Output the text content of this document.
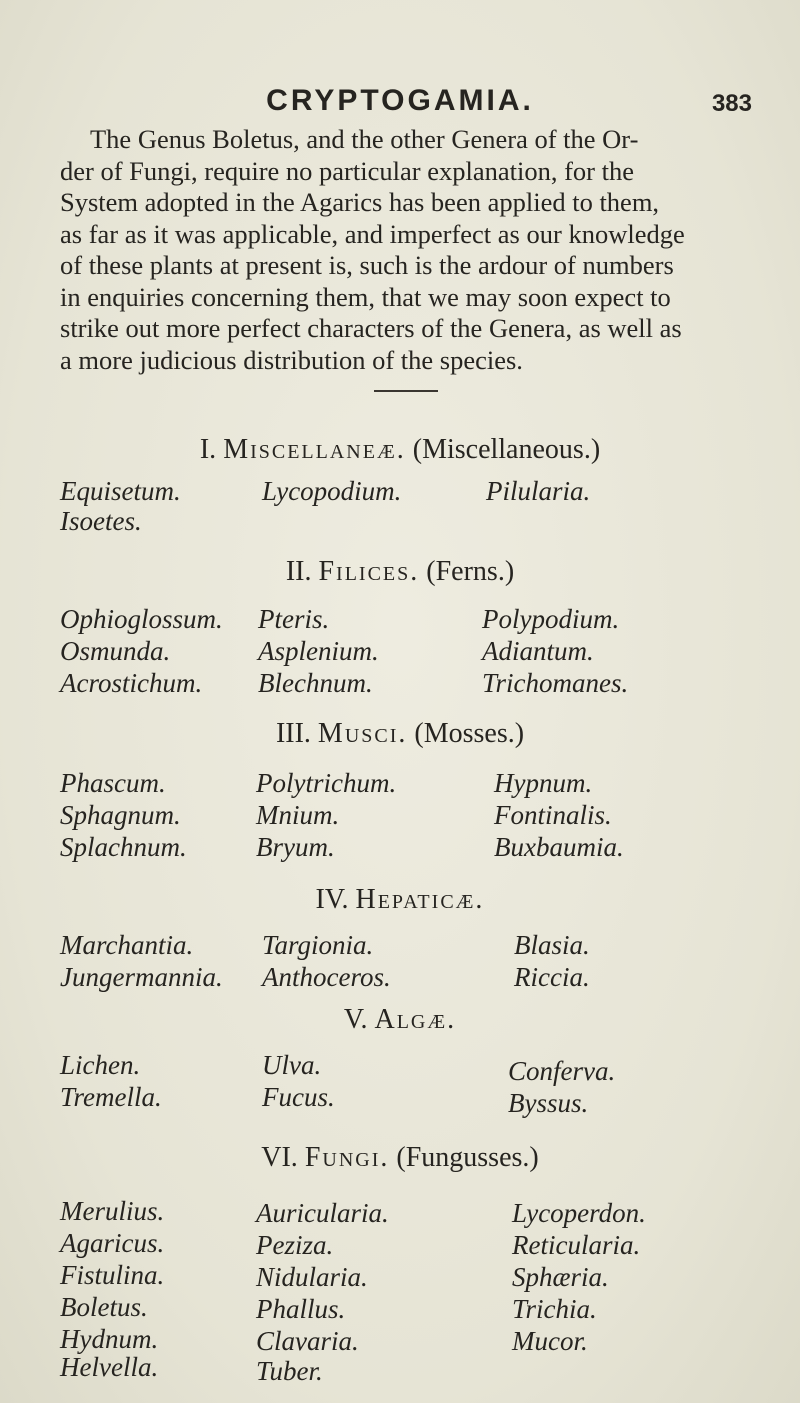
CRYPTOGAMIA.	383
The Genus Boletus, and the other Genera of the Or-
der of Fungi, require no particular explanation, for the
System adopted in the Agarics has been applied to them,
as far as it was applicable, and imperfect as our knowledge
of these plants at present is, such is the ardour of numbers
in enquiries concerning them, that we may soon expect to
strike out more perfect characters of the Genera, as well as
a more judicious distribution of the species.
I. Miscellaneæ. (Miscellaneous.)
Equisetum.	Lycopodium.	Pilularia.
Isoetes.
II. Filices. (Ferns.)
Ophioglossum. Pteris.	Polypodium.
Osmunda.	Asplenium.	Adiantum.
Acrostichum. Blechnum.	Trichomanes.
III. Musci. (Mosses.)
Phascum.	Polytrichum.	Hypnum.
Sphagnum.	Mnium.	Fontinalis.
Splachnum.	Bryum.	Buxbaumia.
IV. Hepaticæ.
Marchantia.	Targionia.	Blasia.
Jungermannia. Anthoceros.	Riccia.
V. Algæ.
Lichen.	Ulva.	Conferva.
Tremella.	Fucus.	Byssus.
VI. Fungi. (Fungusses.)
Merulius.	Auricularia.	Lycoperdon.
Agaricus.	Peziza.	Reticularia.
Fistulina.	Nidularia.	Sphæria.
Boletus.	Phallus.	Trichia.
Hydnum.	Clavaria.	Mucor.
Helvella.	Tuber.
